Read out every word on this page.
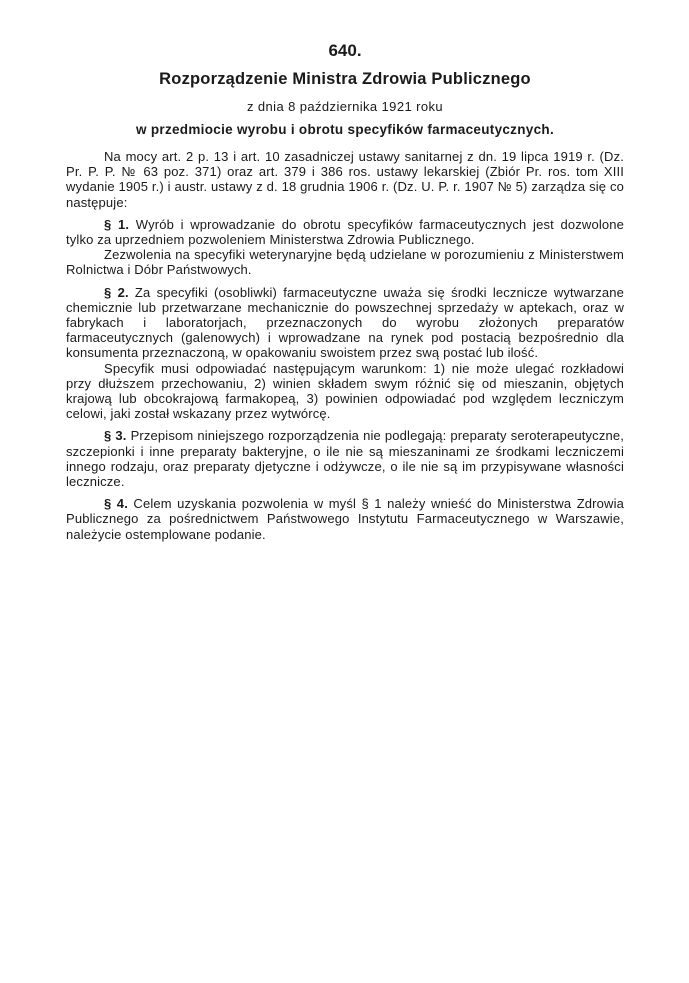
640.
Rozporządzenie Ministra Zdrowia Publicznego
z dnia 8 października 1921 roku
w przedmiocie wyrobu i obrotu specyfików farmaceutycznych.

Na mocy art. 2 p. 13 i art. 10 zasadniczej ustawy sanitarnej z dn. 19 lipca 1919 r. (Dz. Pr. P. P. № 63 poz. 371) oraz art. 379 i 386 ros. ustawy lekarskiej (Zbiór Pr. ros. tom XIII wydanie 1905 r.) i austr. ustawy z d. 18 grudnia 1906 r. (Dz. U. P. r. 1907 № 5) zarządza się co następuje:

§ 1. Wyrób i wprowadzanie do obrotu specyfików farmaceutycznych jest dozwolone tylko za uprzedniem pozwoleniem Ministerstwa Zdrowia Publicznego.

Zezwolenia na specyfiki weterynaryjne będą udzielane w porozumieniu z Ministerstwem Rolnictwa i Dóbr Państwowych.

§ 2. Za specyfiki (osobliwki) farmaceutyczne uważa się środki lecznicze wytwarzane chemicznie lub przetwarzane mechanicznie do powszechnej sprzedaży w aptekach, oraz w fabrykach i laboratorjach, przeznaczonych do wyrobu złożonych preparatów farmaceutycznych (galenowych) i wprowadzane na rynek pod postacią bezpośrednio dla konsumenta przeznaczoną, w opakowaniu swoistem przez swą postać lub ilość.

Specyfik musi odpowiadać następującym warunkom: 1) nie może ulegać rozkładowi przy dłuższem przechowaniu, 2) winien składem swym różnić się od mieszanin, objętych krajową lub obcokrajową farmakopeą, 3) powinien odpowiadać pod względem leczniczym celowi, jaki został wskazany przez wytwórcę.

§ 3. Przepisom niniejszego rozporządzenia nie podlegają: preparaty seroterapeutyczne, szczepionki i inne preparaty bakteryjne, o ile nie są mieszaninami ze środkami leczniczemi innego rodzaju, oraz preparaty djetyczne i odżywcze, o ile nie są im przypisywane własności lecznicze.

§ 4. Celem uzyskania pozwolenia w myśl § 1 należy wnieść do Ministerstwa Zdrowia Publicznego za pośrednictwem Państwowego Instytutu Farmaceutycznego w Warszawie, należycie ostemplowane podanie.
